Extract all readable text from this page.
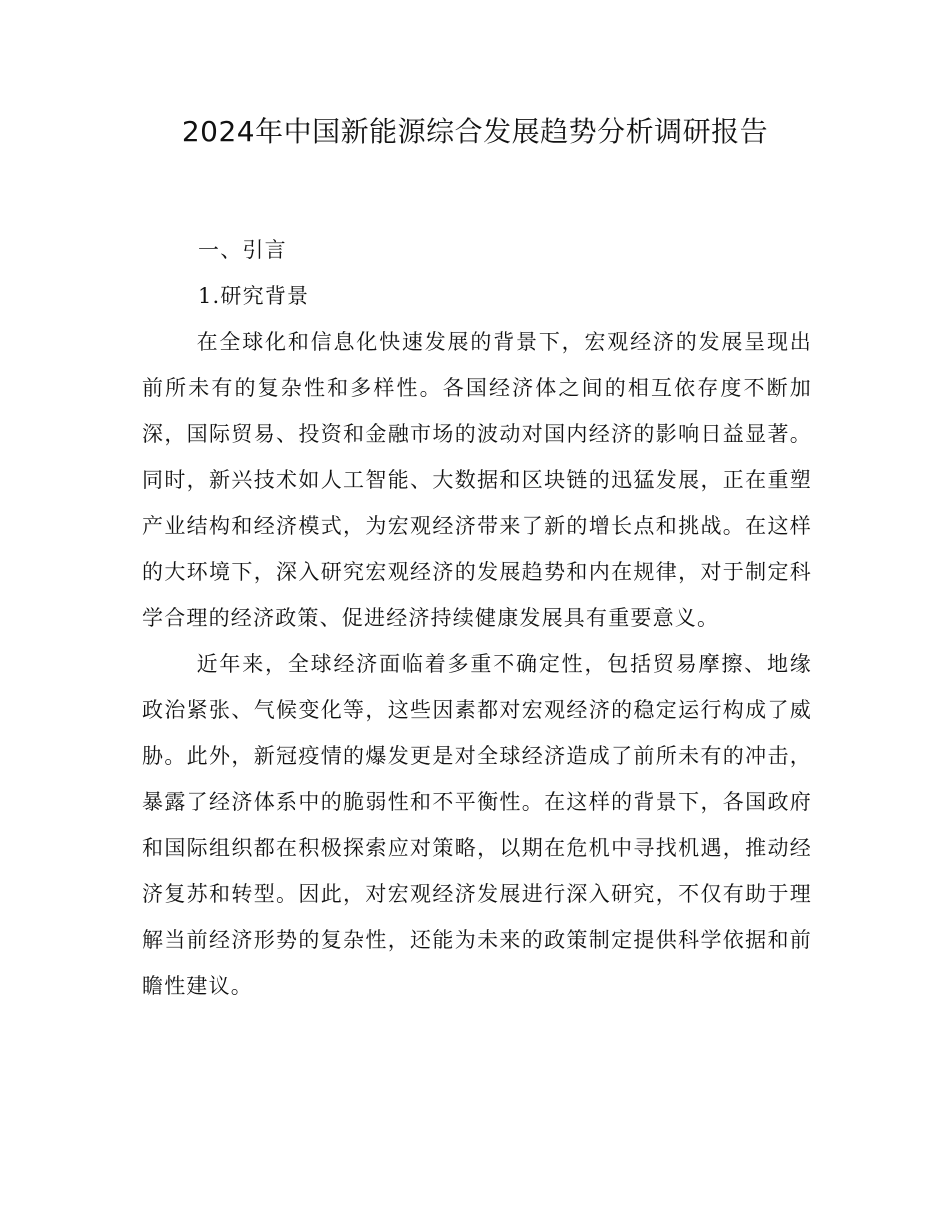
2024年中国新能源综合发展趋势分析调研报告
一、引言
1.研究背景

在全球化和信息化快速发展的背景下，宏观经济的发展呈现出前所未有的复杂性和多样性。各国经济体之间的相互依存度不断加深，国际贸易、投资和金融市场的波动对国内经济的影响日益显著。同时，新兴技术如人工智能、大数据和区块链的迅猛发展，正在重塑产业结构和经济模式，为宏观经济带来了新的增长点和挑战。在这样的大环境下，深入研究宏观经济的发展趋势和内在规律，对于制定科学合理的经济政策、促进经济持续健康发展具有重要意义。

近年来，全球经济面临着多重不确定性，包括贸易摩擦、地缘政治紧张、气候变化等，这些因素都对宏观经济的稳定运行构成了威胁。此外，新冠疫情的爆发更是对全球经济造成了前所未有的冲击，暴露了经济体系中的脆弱性和不平衡性。在这样的背景下，各国政府和国际组织都在积极探索应对策略，以期在危机中寻找机遇，推动经济复苏和转型。因此，对宏观经济发展进行深入研究，不仅有助于理解当前经济形势的复杂性，还能为未来的政策制定提供科学依据和前瞻性建议。
